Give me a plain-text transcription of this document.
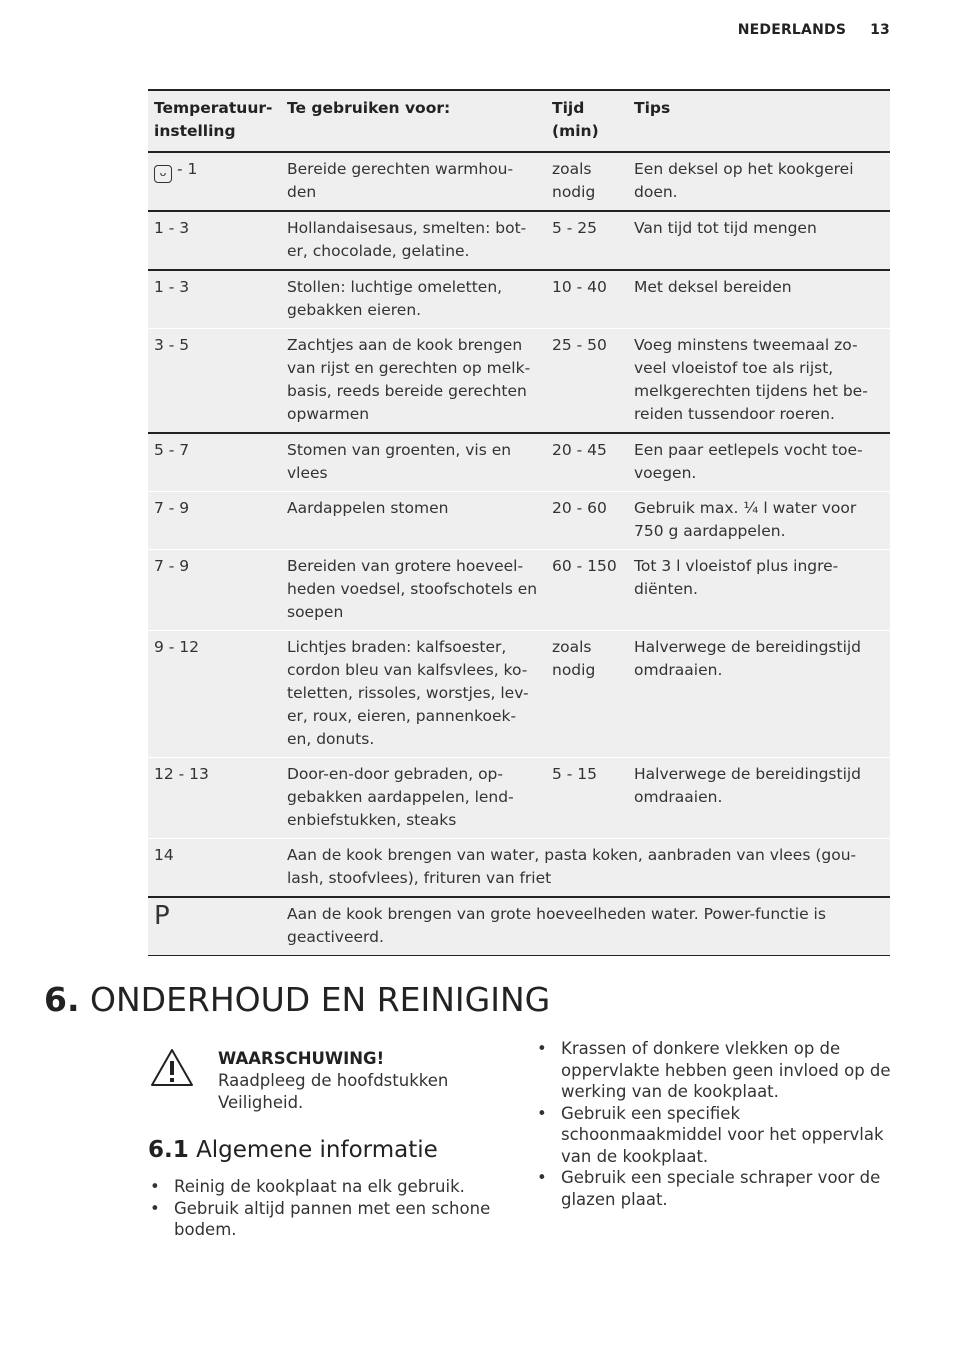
NEDERLANDS 13
Temperatuur-instelling	Te gebruiken voor:	Tijd (min)	Tips
ᴗ - 1	Bereide gerechten warmhou-den	zoals nodig	Een deksel op het kookgerei doen.
1 - 3	Hollandaisesaus, smelten: bot-er, chocolade, gelatine.	5 - 25	Van tijd tot tijd mengen
1 - 3	Stollen: luchtige omeletten, gebakken eieren.	10 - 40	Met deksel bereiden
3 - 5	Zachtjes aan de kook brengen van rijst en gerechten op melk-basis, reeds bereide gerechten opwarmen	25 - 50	Voeg minstens tweemaal zo-veel vloeistof toe als rijst, melkgerechten tijdens het be-reiden tussendoor roeren.
5 - 7	Stomen van groenten, vis en vlees	20 - 45	Een paar eetlepels vocht toe-voegen.
7 - 9	Aardappelen stomen	20 - 60	Gebruik max. ¼ l water voor 750 g aardappelen.
7 - 9	Bereiden van grotere hoeveel-heden voedsel, stoofschotels en soepen	60 - 150	Tot 3 l vloeistof plus ingre-diënten.
9 - 12	Lichtjes braden: kalfsoester, cordon bleu van kalfsvlees, ko-teletten, rissoles, worstjes, lev-er, roux, eieren, pannenkoek-en, donuts.	zoals nodig	Halverwege de bereidingstijd omdraaien.
12 - 13	Door-en-door gebraden, op-gebakken aardappelen, lend-enbiefstukken, steaks	5 - 15	Halverwege de bereidingstijd omdraaien.
14	Aan de kook brengen van water, pasta koken, aanbraden van vlees (gou-lash, stoofvlees), frituren van friet		
P	Aan de kook brengen van grote hoeveelheden water. Power-functie is geactiveerd.		
6. ONDERHOUD EN REINIGING
WAARSCHUWING!
Raadpleeg de hoofdstukken Veiligheid.
6.1 Algemene informatie
• Reinig de kookplaat na elk gebruik.
• Gebruik altijd pannen met een schone bodem.
• Krassen of donkere vlekken op de oppervlakte hebben geen invloed op de werking van de kookplaat.
• Gebruik een specifiek schoonmaakmiddel voor het oppervlak van de kookplaat.
• Gebruik een speciale schraper voor de glazen plaat.
